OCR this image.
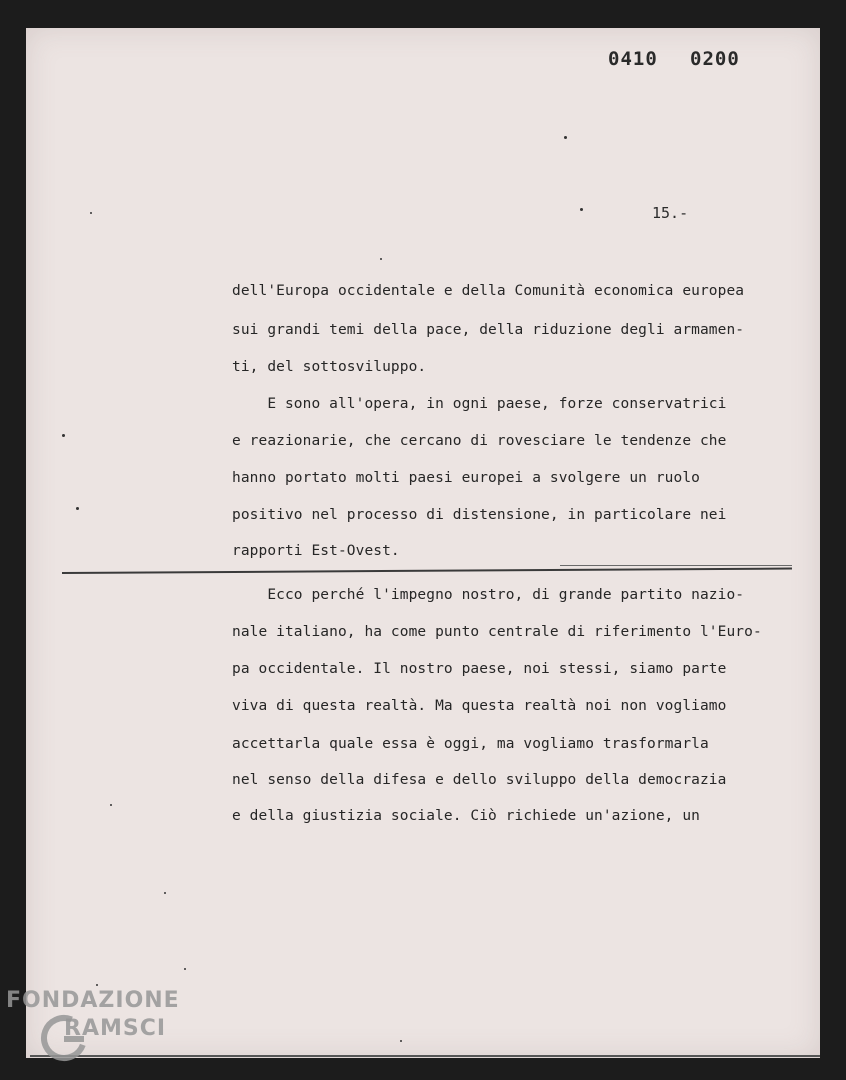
0410 0200
15.-
dell'Europa occidentale e della Comunità economica europea
sui grandi temi della pace, della riduzione degli armamen-
ti, del sottosviluppo.
E sono all'opera, in ogni paese, forze conservatrici
e reazionarie, che cercano di rovesciare le tendenze che
hanno portato molti paesi europei a svolgere un ruolo
positivo nel processo di distensione, in particolare nei
rapporti Est-Ovest.
Ecco perché l'impegno nostro, di grande partito nazio-
nale italiano, ha come punto centrale di riferimento l'Euro-
pa occidentale. Il nostro paese, noi stessi, siamo parte
viva di questa realtà. Ma questa realtà noi non vogliamo
accettarla quale essa è oggi, ma vogliamo trasformarla
nel senso della difesa e dello sviluppo della democrazia
e della giustizia sociale. Ciò richiede un'azione, un
FONDAZIONE
RAMSCI
